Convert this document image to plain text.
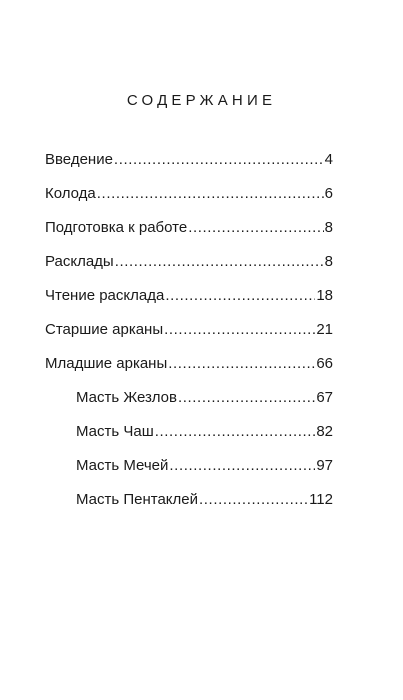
СОДЕРЖАНИЕ
Введение .....	4
Колода .....	6
Подготовка к работе .....	8
Расклады .....	8
Чтение расклада .....	18
Старшие арканы .....	21
Младшие арканы .....	66
Масть Жезлов .....	67
Масть Чаш .....	82
Масть Мечей .....	97
Масть Пентаклей .....	112
